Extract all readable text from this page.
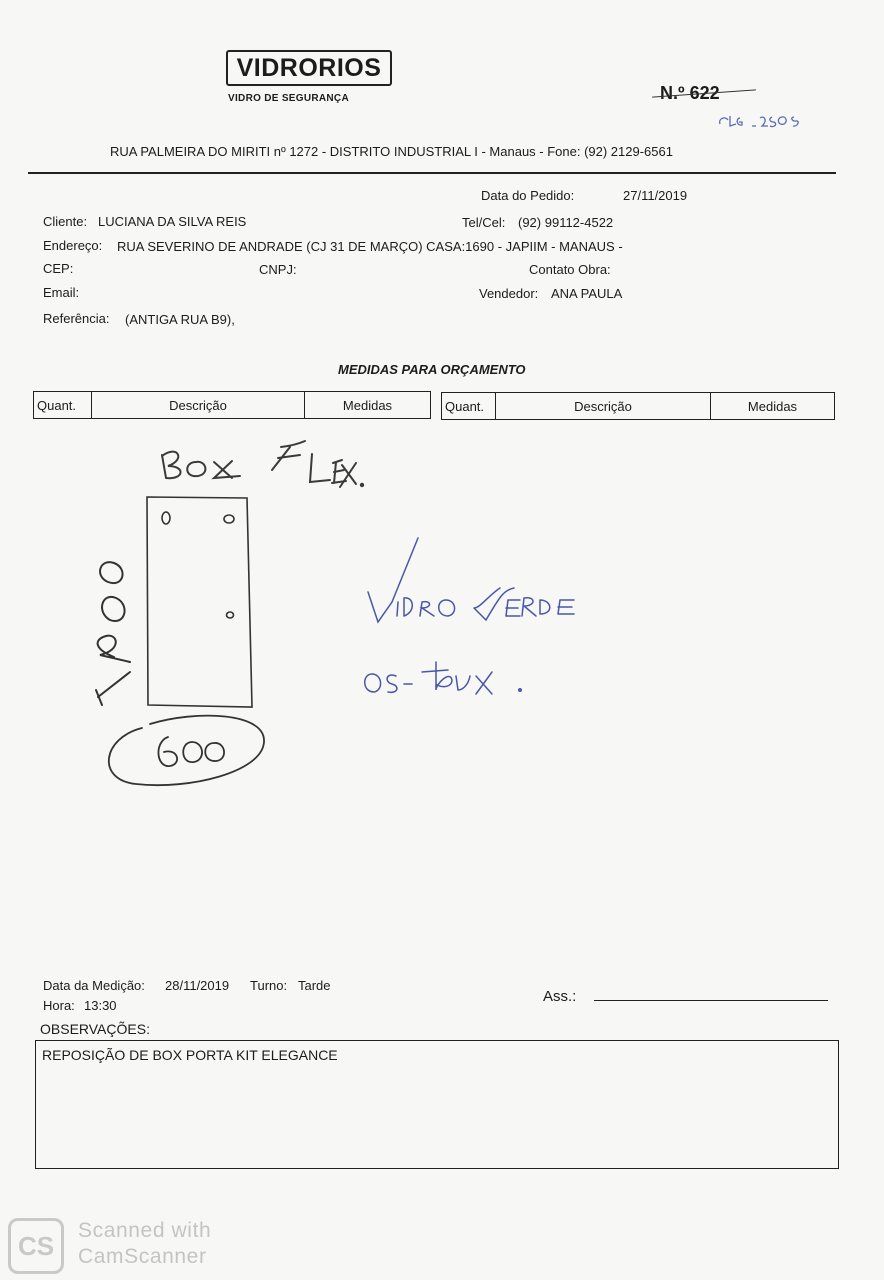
VIDRORIOS
VIDRO DE SEGURANÇA	N.º 622
RUA PALMEIRA DO MIRITI nº 1272 - DISTRITO INDUSTRIAL I - Manaus - Fone: (92) 2129-6561
Data do Pedido:	27/11/2019
Cliente: LUCIANA DA SILVA REIS	Tel/Cel: (92) 99112-4522
Endereço: RUA SEVERINO DE ANDRADE (CJ 31 DE MARÇO) CASA:1690 - JAPIIM - MANAUS -
CEP:	CNPJ:	Contato Obra:
Email:	Vendedor: ANA PAULA
Referência: (ANTIGA RUA B9),
MEDIDAS PARA ORÇAMENTO
Quant.	Descrição	Medidas	Quant.	Descrição	Medidas
Data da Medição: 28/11/2019 Turno: Tarde
Hora: 13:30
Ass.:
OBSERVAÇÕES:
REPOSIÇÃO DE BOX PORTA KIT ELEGANCE
CS
Scanned with
CamScanner
